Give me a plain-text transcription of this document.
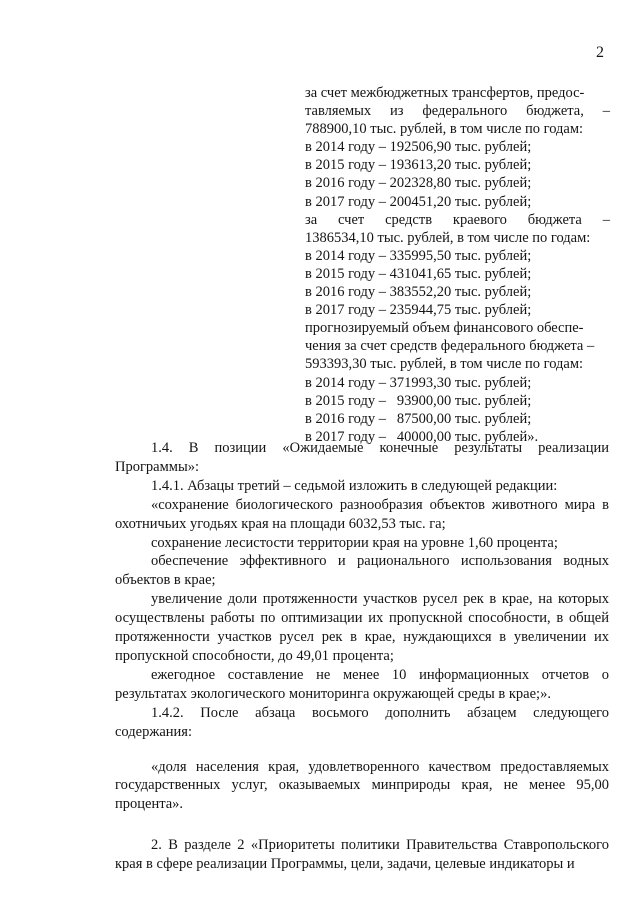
2
за счет межбюджетных трансфертов, предос-
тавляемых из федерального бюджета, –
788900,10 тыс. рублей, в том числе по годам:
в 2014 году – 192506,90 тыс. рублей;
в 2015 году – 193613,20 тыс. рублей;
в 2016 году – 202328,80 тыс. рублей;
в 2017 году – 200451,20 тыс. рублей;
за счет средств краевого бюджета –
1386534,10 тыс. рублей, в том числе по годам:
в 2014 году – 335995,50 тыс. рублей;
в 2015 году – 431041,65 тыс. рублей;
в 2016 году – 383552,20 тыс. рублей;
в 2017 году – 235944,75 тыс. рублей;
прогнозируемый объем финансового обеспе-
чения за счет средств федерального бюджета –
593393,30 тыс. рублей, в том числе по годам:
в 2014 году – 371993,30 тыс. рублей;
в 2015 году –   93900,00 тыс. рублей;
в 2016 году –   87500,00 тыс. рублей;
в 2017 году –   40000,00 тыс. рублей».

1.4. В позиции «Ожидаемые конечные результаты реализации Программы»:

1.4.1. Абзацы третий – седьмой изложить в следующей редакции:

«сохранение биологического разнообразия объектов животного мира в охотничьих угодьях края на площади 6032,53 тыс. га;

сохранение лесистости территории края на уровне 1,60 процента;

обеспечение эффективного и рационального использования водных объектов в крае;

увеличение доли протяженности участков русел рек в крае, на которых осуществлены работы по оптимизации их пропускной способности, в общей протяженности участков русел рек в крае, нуждающихся в увеличении их пропускной способности, до 49,01 процента;

ежегодное составление не менее 10 информационных отчетов о результатах экологического мониторинга окружающей среды в крае;».

1.4.2. После абзаца восьмого дополнить абзацем следующего содержания:

«доля населения края, удовлетворенного качеством предоставляемых государственных услуг, оказываемых минприроды края, не менее 95,00 процента».

2. В разделе 2 «Приоритеты политики Правительства Ставропольского края в сфере реализации Программы, цели, задачи, целевые индикаторы и
